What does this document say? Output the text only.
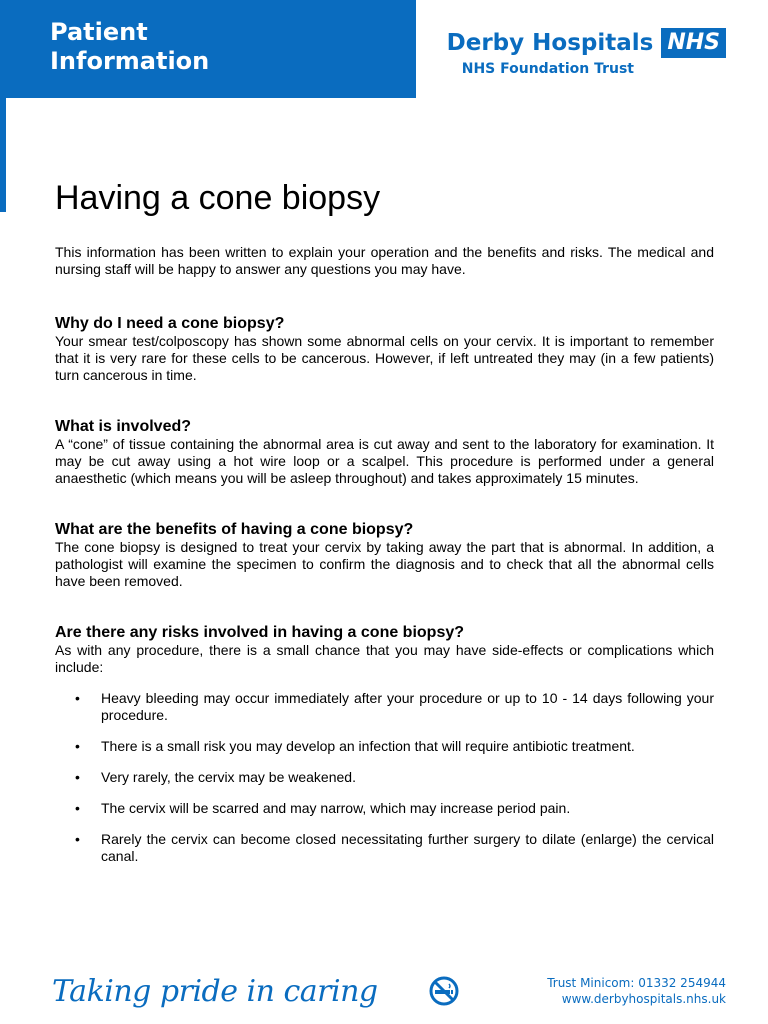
Patient
Information
Derby Hospitals NHS
NHS Foundation Trust
Having a cone biopsy

This information has been written to explain your operation and the benefits and risks. The medical and nursing staff will be happy to answer any questions you may have.

Why do I need a cone biopsy?

Your smear test/colposcopy has shown some abnormal cells on your cervix. It is important to remember that it is very rare for these cells to be cancerous. However, if left untreated they may (in a few patients) turn cancerous in time.

What is involved?

A “cone” of tissue containing the abnormal area is cut away and sent to the laboratory for examination. It may be cut away using a hot wire loop or a scalpel. This procedure is performed under a general anaesthetic (which means you will be asleep throughout) and takes approximately 15 minutes.

What are the benefits of having a cone biopsy?

The cone biopsy is designed to treat your cervix by taking away the part that is abnormal. In addition, a pathologist will examine the specimen to confirm the diagnosis and to check that all the abnormal cells have been removed.

Are there any risks involved in having a cone biopsy?

As with any procedure, there is a small chance that you may have side-effects or complications which include:

• Heavy bleeding may occur immediately after your procedure or up to 10 - 14 days following your procedure.
• There is a small risk you may develop an infection that will require antibiotic treatment.
• Very rarely, the cervix may be weakened.
• The cervix will be scarred and may narrow, which may increase period pain.
• Rarely the cervix can become closed necessitating further surgery to dilate (enlarge) the cervical canal.
Taking pride in caring	Trust Minicom: 01332 254944
www.derbyhospitals.nhs.uk
